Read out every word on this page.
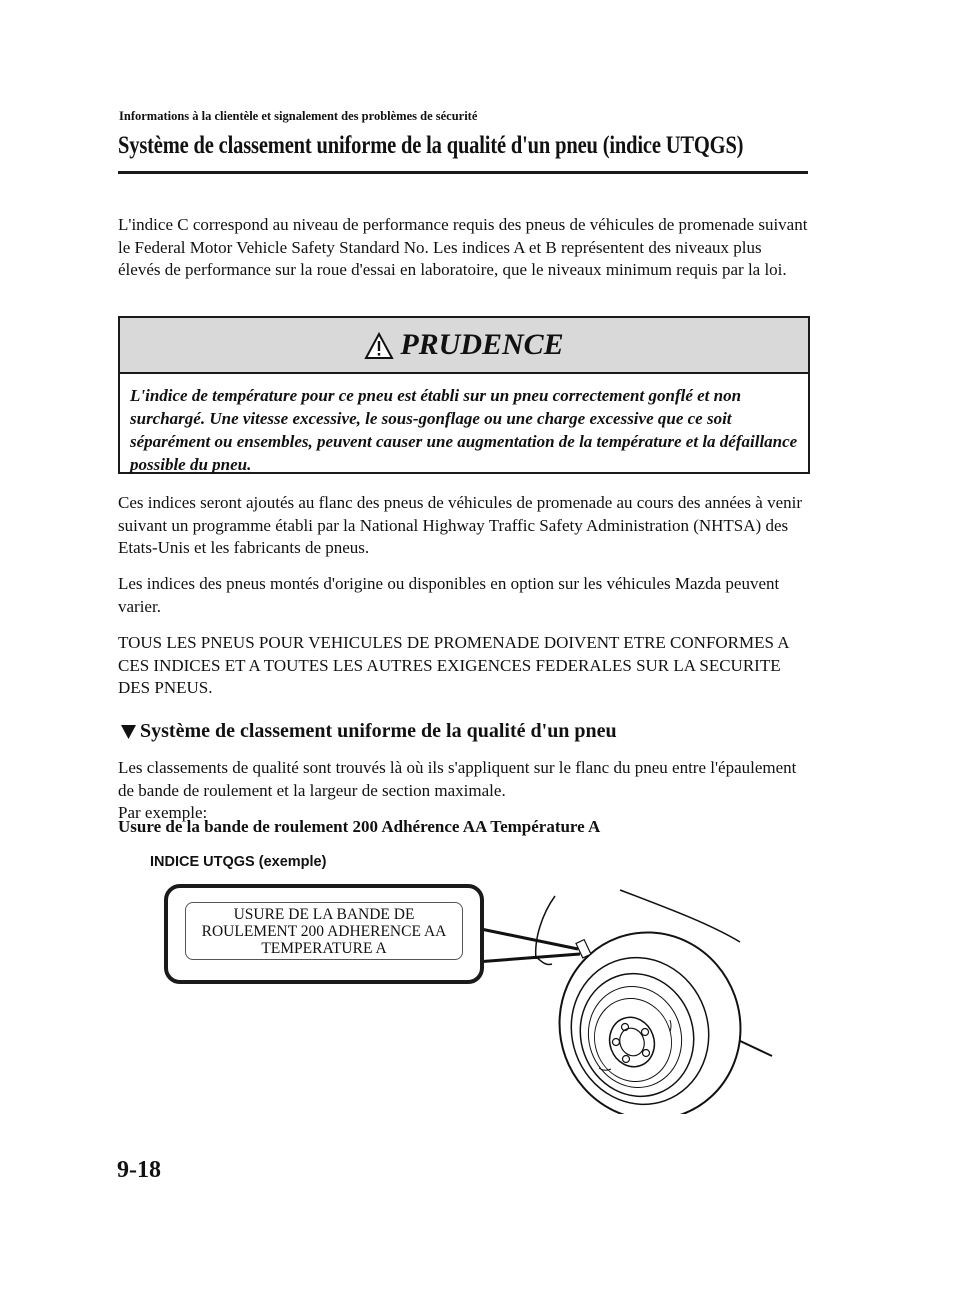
Informations à la clientèle et signalement des problèmes de sécurité
Système de classement uniforme de la qualité d'un pneu (indice UTQGS)

L'indice C correspond au niveau de performance requis des pneus de véhicules de promenade suivant le Federal Motor Vehicle Safety Standard No. Les indices A et B représentent des niveaux plus élevés de performance sur la roue d'essai en laboratoire, que le niveaux minimum requis par la loi.

PRUDENCE
L'indice de température pour ce pneu est établi sur un pneu correctement gonflé et non surchargé. Une vitesse excessive, le sous-gonflage ou une charge excessive que ce soit séparément ou ensembles, peuvent causer une augmentation de la température et la défaillance possible du pneu.

Ces indices seront ajoutés au flanc des pneus de véhicules de promenade au cours des années à venir suivant un programme établi par la National Highway Traffic Safety Administration (NHTSA) des Etats-Unis et les fabricants de pneus.

Les indices des pneus montés d'origine ou disponibles en option sur les véhicules Mazda peuvent varier.

TOUS LES PNEUS POUR VEHICULES DE PROMENADE DOIVENT ETRE CONFORMES A CES INDICES ET A TOUTES LES AUTRES EXIGENCES FEDERALES SUR LA SECURITE DES PNEUS.

Système de classement uniforme de la qualité d'un pneu

Les classements de qualité sont trouvés là où ils s'appliquent sur le flanc du pneu entre l'épaulement de bande de roulement et la largeur de section maximale.
Par exemple:

Usure de la bande de roulement 200 Adhérence AA Température A

INDICE UTQGS (exemple)
USURE DE LA BANDE DE
ROULEMENT 200 ADHERENCE AA
TEMPERATURE A
9-18
